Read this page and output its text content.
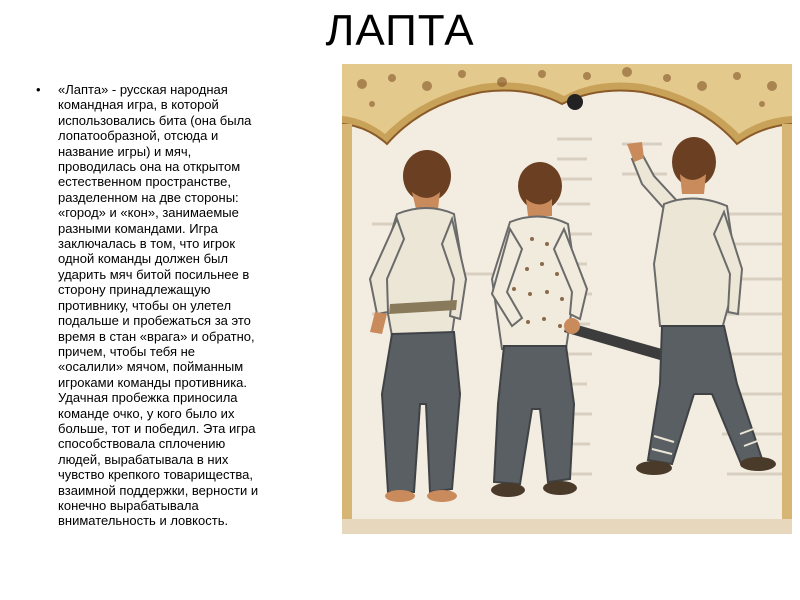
ЛАПТА
• «Лапта» - русская народная
командная игра, в которой
использовались бита (она была
лопатообразной, отсюда и
название игры) и мяч,
проводилась она на открытом
естественном пространстве,
разделенном на две стороны:
«город» и «кон», занимаемые
разными командами. Игра
заключалась в том, что игрок
одной команды должен был
ударить мяч битой посильнее в
сторону принадлежащую
противнику, чтобы он улетел
подальше и пробежаться за это
время в стан «врага» и обратно,
причем, чтобы тебя не
«осалили» мячом, пойманным
игроками команды противника.
Удачная пробежка приносила
команде очко, у кого было их
больше, тот и победил. Эта игра
способствовала сплочению
людей, вырабатывала в них
чувство крепкого товарищества,
взаимной поддержки, верности и
конечно вырабатывала
внимательность и ловкость.
